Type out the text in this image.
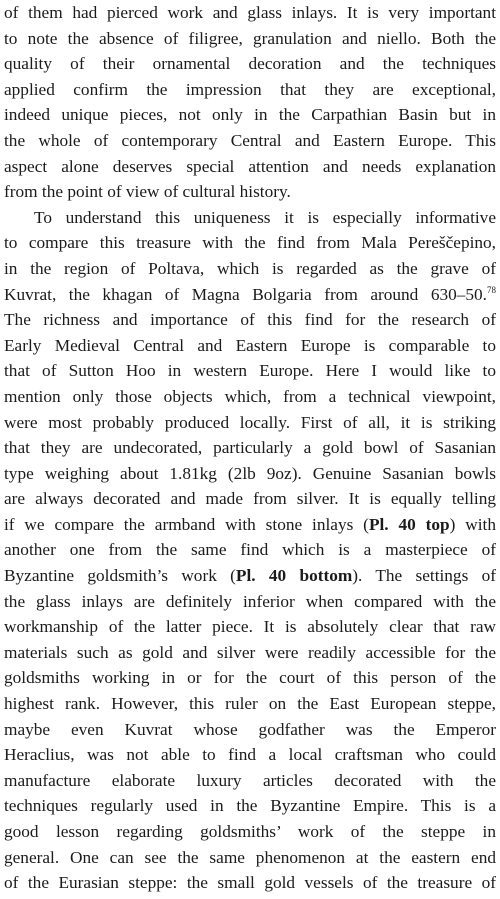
of them had pierced work and glass inlays. It is very important
to note the absence of filigree, granulation and niello. Both the
quality of their ornamental decoration and the techniques
applied confirm the impression that they are exceptional,
indeed unique pieces, not only in the Carpathian Basin but in
the whole of contemporary Central and Eastern Europe. This
aspect alone deserves special attention and needs explanation
from the point of view of cultural history.
To understand this uniqueness it is especially informative
to compare this treasure with the find from Mala Pereščepino,
in the region of Poltava, which is regarded as the grave of
Kuvrat, the khagan of Magna Bolgaria from around 630–50.78
The richness and importance of this find for the research of
Early Medieval Central and Eastern Europe is comparable to
that of Sutton Hoo in western Europe. Here I would like to
mention only those objects which, from a technical viewpoint,
were most probably produced locally. First of all, it is striking
that they are undecorated, particularly a gold bowl of Sasanian
type weighing about 1.81kg (2lb 9oz). Genuine Sasanian bowls
are always decorated and made from silver. It is equally telling
if we compare the armband with stone inlays (Pl. 40 top) with
another one from the same find which is a masterpiece of
Byzantine goldsmith’s work (Pl. 40 bottom). The settings of
the glass inlays are definitely inferior when compared with the
workmanship of the latter piece. It is absolutely clear that raw
materials such as gold and silver were readily accessible for the
goldsmiths working in or for the court of this person of the
highest rank. However, this ruler on the East European steppe,
maybe even Kuvrat whose godfather was the Emperor
Heraclius, was not able to find a local craftsman who could
manufacture elaborate luxury articles decorated with the
techniques regularly used in the Byzantine Empire. This is a
good lesson regarding goldsmiths’ work of the steppe in
general. One can see the same phenomenon at the eastern end
of the Eurasian steppe: the small gold vessels of the treasure of
